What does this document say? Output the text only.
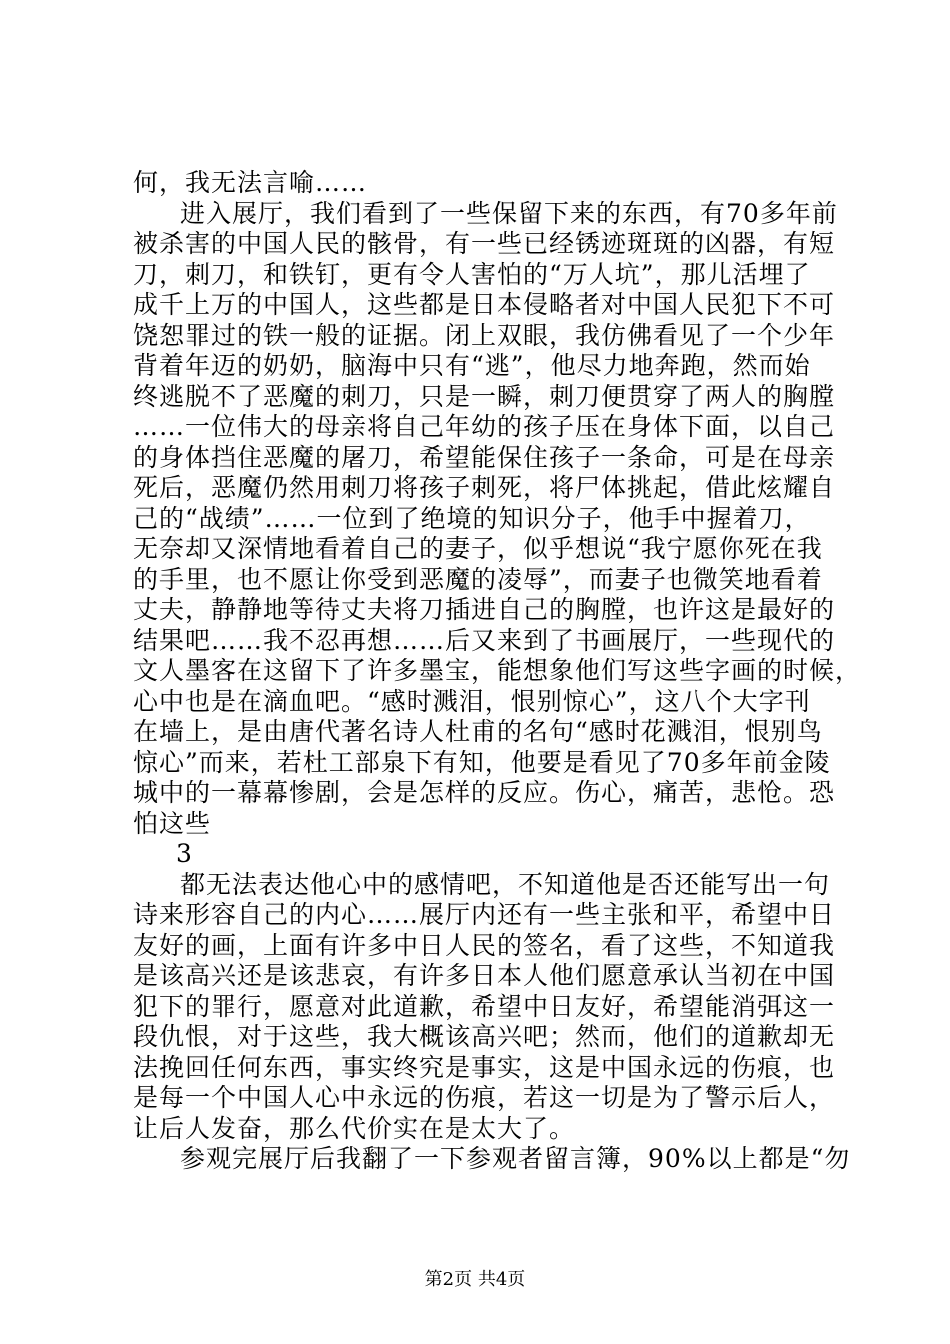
何，我无法言喻……
进入展厅，我们看到了一些保留下来的东西，有70多年前
被杀害的中国人民的骸骨，有一些已经锈迹斑斑的凶器，有短
刀，刺刀，和铁钉，更有令人害怕的“万人坑”，那儿活埋了
成千上万的中国人，这些都是日本侵略者对中国人民犯下不可
饶恕罪过的铁一般的证据。闭上双眼，我仿佛看见了一个少年
背着年迈的奶奶，脑海中只有“逃”，他尽力地奔跑，然而始
终逃脱不了恶魔的刺刀，只是一瞬，刺刀便贯穿了两人的胸膛
……一位伟大的母亲将自己年幼的孩子压在身体下面，以自己
的身体挡住恶魔的屠刀，希望能保住孩子一条命，可是在母亲
死后，恶魔仍然用刺刀将孩子刺死，将尸体挑起，借此炫耀自
己的“战绩”……一位到了绝境的知识分子，他手中握着刀，
无奈却又深情地看着自己的妻子，似乎想说“我宁愿你死在我
的手里，也不愿让你受到恶魔的凌辱”，而妻子也微笑地看着
丈夫，静静地等待丈夫将刀插进自己的胸膛，也许这是最好的
结果吧……我不忍再想……后又来到了书画展厅，一些现代的
文人墨客在这留下了许多墨宝，能想象他们写这些字画的时候，
心中也是在滴血吧。“感时溅泪，恨别惊心”，这八个大字刊
在墙上，是由唐代著名诗人杜甫的名句“感时花溅泪，恨别鸟
惊心”而来，若杜工部泉下有知，他要是看见了70多年前金陵
城中的一幕幕惨剧，会是怎样的反应。伤心，痛苦，悲怆。恐
怕这些
3
都无法表达他心中的感情吧，不知道他是否还能写出一句
诗来形容自己的内心……展厅内还有一些主张和平，希望中日
友好的画，上面有许多中日人民的签名，看了这些，不知道我
是该高兴还是该悲哀，有许多日本人他们愿意承认当初在中国
犯下的罪行，愿意对此道歉，希望中日友好，希望能消弭这一
段仇恨，对于这些，我大概该高兴吧；然而，他们的道歉却无
法挽回任何东西，事实终究是事实，这是中国永远的伤痕，也
是每一个中国人心中永远的伤痕，若这一切是为了警示后人，
让后人发奋，那么代价实在是太大了。
参观完展厅后我翻了一下参观者留言簿，90%以上都是“勿
第2页 共4页
